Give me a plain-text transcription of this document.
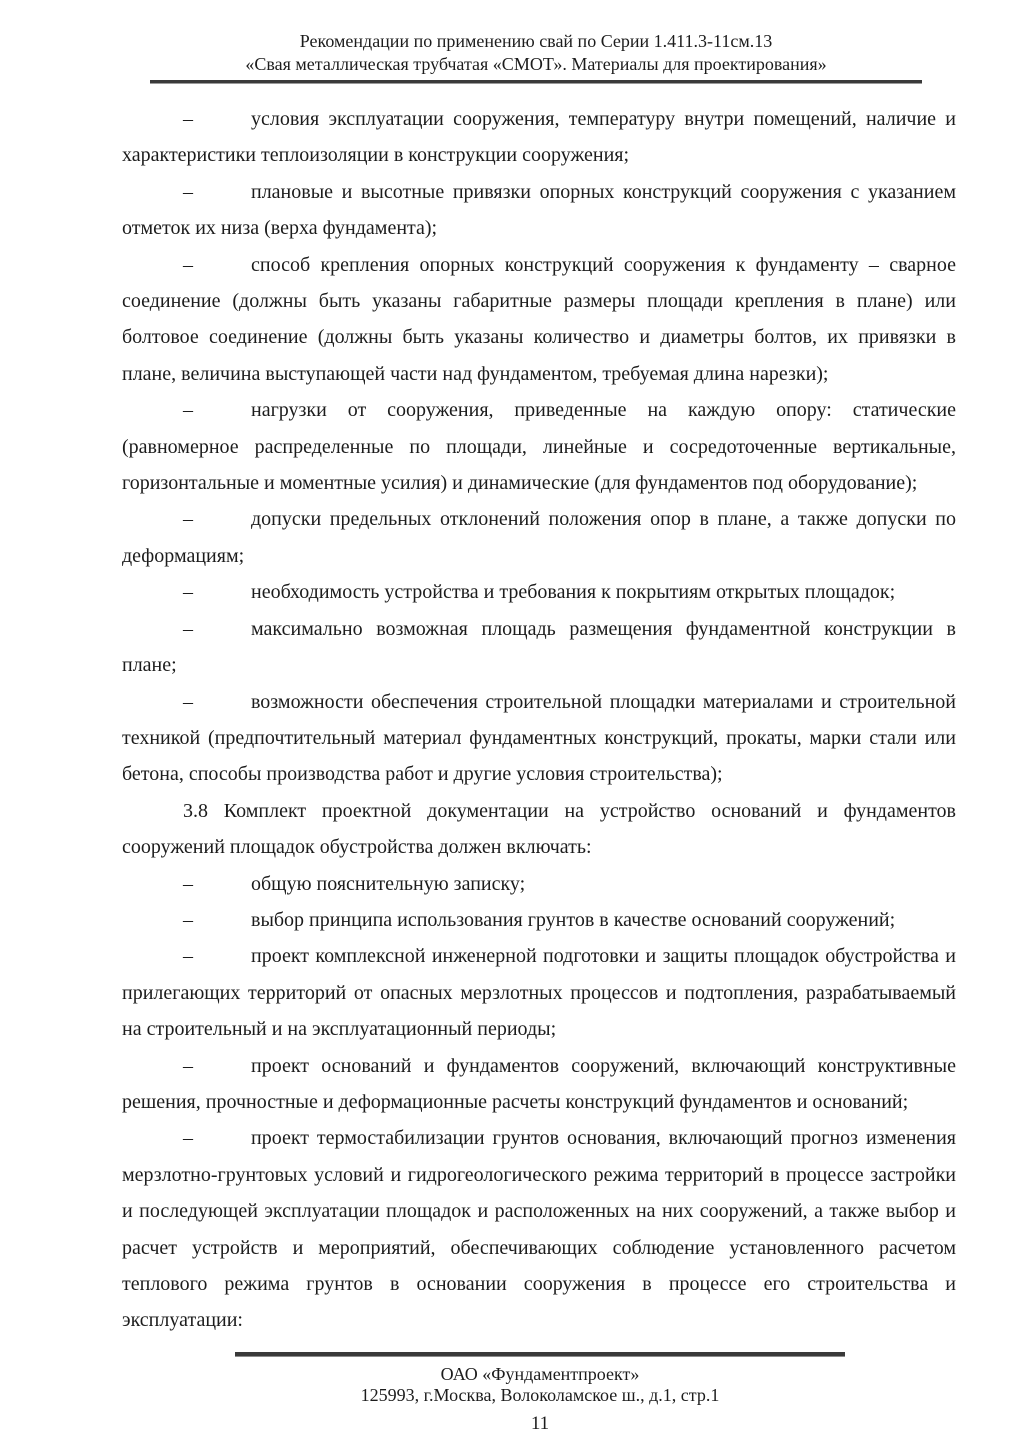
Рекомендации по применению свай по Серии 1.411.3-11см.13
«Свая металлическая трубчатая «СМОТ». Материалы для проектирования»

–	условия эксплуатации сооружения, температуру внутри помещений, наличие и характеристики теплоизоляции в конструкции сооружения;

–	плановые и высотные привязки опорных конструкций сооружения с указанием отметок их низа (верха фундамента);

–	способ крепления опорных конструкций сооружения к фундаменту – сварное соединение (должны быть указаны габаритные размеры площади крепления в плане) или болтовое соединение (должны быть указаны количество и диаметры болтов, их привязки в плане, величина выступающей части над фундаментом, требуемая длина нарезки);

–	нагрузки от сооружения, приведенные на каждую опору: статические (равномерное распределенные по площади, линейные и сосредоточенные вертикальные, горизонтальные и моментные усилия) и динамические (для фундаментов под оборудование);

–	допуски предельных отклонений положения опор в плане, а также допуски по деформациям;

–	необходимость устройства и требования к покрытиям открытых площадок;

–	максимально возможная площадь размещения фундаментной конструкции в плане;

–	возможности обеспечения строительной площадки материалами и строительной техникой (предпочтительный материал фундаментных конструкций, прокаты, марки стали или бетона, способы производства работ и другие условия строительства);

3.8 Комплект проектной документации на устройство оснований и фундаментов сооружений площадок обустройства должен включать:

–	общую пояснительную записку;

–	выбор принципа использования грунтов в качестве оснований сооружений;

–	проект комплексной инженерной подготовки и защиты площадок обустройства и прилегающих территорий от опасных мерзлотных процессов и подтопления, разрабатываемый на строительный и на эксплуатационный периоды;

–	проект оснований и фундаментов сооружений, включающий конструктивные решения, прочностные и деформационные расчеты конструкций фундаментов и оснований;

–	проект термостабилизации грунтов основания, включающий прогноз изменения мерзлотно-грунтовых условий и гидрогеологического режима территорий в процессе застройки и последующей эксплуатации площадок и расположенных на них сооружений, а также выбор и расчет устройств и мероприятий, обеспечивающих соблюдение установленного расчетом теплового режима грунтов в основании сооружения в процессе его строительства и эксплуатации:

ОАО «Фундаментпроект»
125993, г.Москва, Волоколамское ш., д.1, стр.1
11
